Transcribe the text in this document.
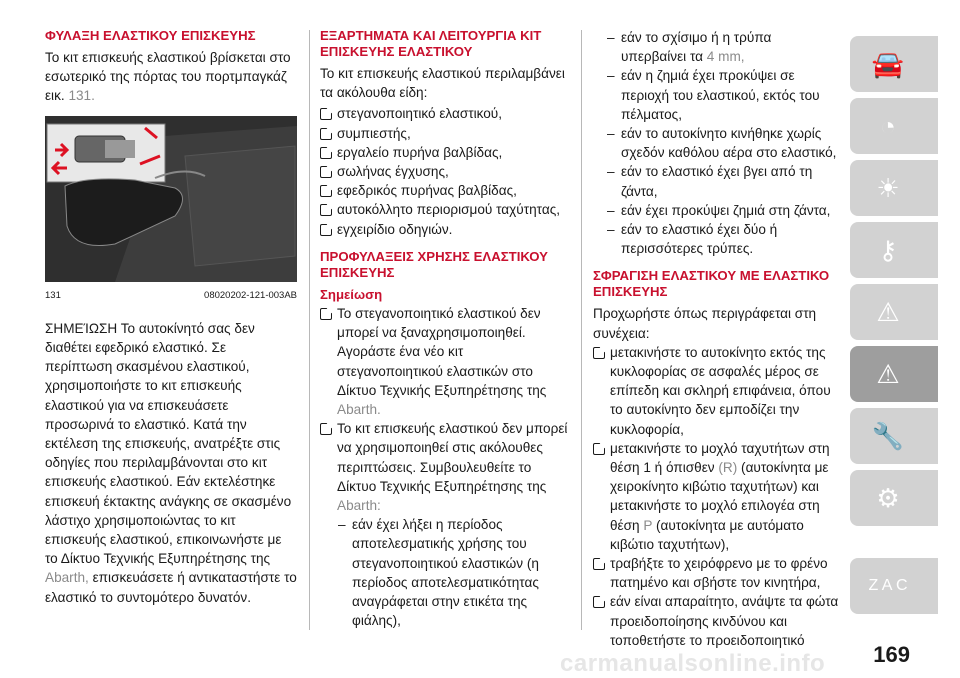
ΦΥΛΑΞΗ ΕΛΑΣΤΙΚΟΥ ΕΠΙΣΚΕΥΗΣ

Το κιτ επισκευής ελαστικού βρίσκεται στο εσωτερικό της πόρτας του πορτμπαγκάζ εικ. 131.

131	08020202-121-003AB

ΣΗΜΕΊΩΣΗ Το αυτοκίνητό σας δεν διαθέτει εφεδρικό ελαστικό. Σε περίπτωση σκασμένου ελαστικού, χρησιμοποιήστε το κιτ επισκευής ελαστικού για να επισκευάσετε προσωρινά το ελαστικό. Κατά την εκτέλεση της επισκευής, ανατρέξτε στις οδηγίες που περιλαμβάνονται στο κιτ επισκευής ελαστικού. Εάν εκτελέστηκε επισκευή έκτακτης ανάγκης σε σκασμένο λάστιχο χρησιμοποιώντας το κιτ επισκευής ελαστικού, επικοινωνήστε με το Δίκτυο Τεχνικής Εξυπηρέτησης της Abarth, επισκευάσετε ή αντικαταστήστε το ελαστικό το συντομότερο δυνατόν.

ΕΞΑΡΤΗΜΑΤΑ ΚΑΙ ΛΕΙΤΟΥΡΓΙΑ ΚΙΤ ΕΠΙΣΚΕΥΗΣ ΕΛΑΣΤΙΚΟΥ
Το κιτ επισκευής ελαστικού περιλαμβάνει τα ακόλουθα είδη:
στεγανοποιητικό ελαστικού,
συμπιεστής,
εργαλείο πυρήνα βαλβίδας,
σωλήνας έγχυσης,
εφεδρικός πυρήνας βαλβίδας,
αυτοκόλλητο περιορισμού ταχύτητας,
εγχειρίδιο οδηγιών.
ΠΡΟΦΥΛΑΞΕΙΣ ΧΡΗΣΗΣ ΕΛΑΣΤΙΚΟΥ ΕΠΙΣΚΕΥΗΣ
Σημείωση
Το στεγανοποιητικό ελαστικού δεν μπορεί να ξαναχρησιμοποιηθεί. Αγοράστε ένα νέο κιτ στεγανοποιητικού ελαστικών στο Δίκτυο Τεχνικής Εξυπηρέτησης της Abarth.
Το κιτ επισκευής ελαστικού δεν μπορεί να χρησιμοποιηθεί στις ακόλουθες περιπτώσεις. Συμβουλευθείτε το Δίκτυο Τεχνικής Εξυπηρέτησης της Abarth:
– εάν έχει λήξει η περίοδος αποτελεσματικής χρήσης του στεγανοποιητικού ελαστικών (η περίοδος αποτελεσματικότητας αναγράφεται στην ετικέτα της φιάλης),
– εάν το σχίσιμο ή η τρύπα υπερβαίνει τα 4 mm,
– εάν η ζημιά έχει προκύψει σε περιοχή του ελαστικού, εκτός του πέλματος,
– εάν το αυτοκίνητο κινήθηκε χωρίς σχεδόν καθόλου αέρα στο ελαστικό,
– εάν το ελαστικό έχει βγει από τη ζάντα,
– εάν έχει προκύψει ζημιά στη ζάντα,
– εάν το ελαστικό έχει δύο ή περισσότερες τρύπες.
ΣΦΡΑΓΙΣΗ ΕΛΑΣΤΙΚΟΥ ΜΕ ΕΛΑΣΤΙΚΟ ΕΠΙΣΚΕΥΗΣ
Προχωρήστε όπως περιγράφεται στη συνέχεια:
μετακινήστε το αυτοκίνητο εκτός της κυκλοφορίας σε ασφαλές μέρος σε επίπεδη και σκληρή επιφάνεια, όπου το αυτοκίνητο δεν εμποδίζει την κυκλοφορία,
μετακινήστε το μοχλό ταχυτήτων στη θέση 1 ή όπισθεν (R) (αυτοκίνητα με χειροκίνητο κιβώτιο ταχυτήτων) και μετακινήστε το μοχλό επιλογέα στη θέση P (αυτοκίνητα με αυτόματο κιβώτιο ταχυτήτων),
τραβήξτε το χειρόφρενο με το φρένο πατημένο και σβήστε τον κινητήρα,
εάν είναι απαραίτητο, ανάψτε τα φώτα προειδοποίησης κινδύνου και τοποθετήστε το προειδοποιητικό
🚘
◔
☀
⚷
⚠
⚠
🔧
⚙
Z A C D
169
carmanualsonline.info
